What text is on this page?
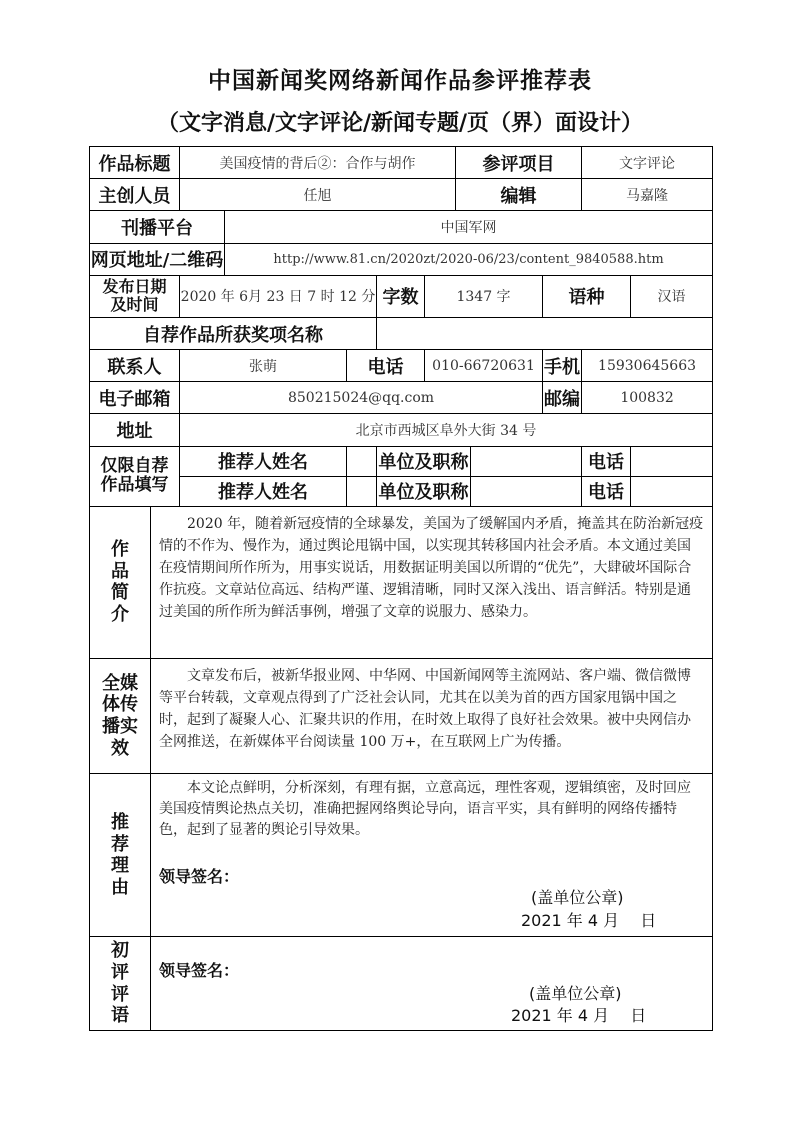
中国新闻奖网络新闻作品参评推荐表
（文字消息/文字评论/新闻专题/页（界）面设计）
作品标题		美国疫情的背后②：合作与胡作					参评项目			文字评论	
主创人员		任旭					编辑			马嘉隆	
刊播平台			中国军网								
网页地址/二维码			http://www.81.cn/2020zt/2020-06/23/content_9840588.htm								
发布日期及时间		2020 年 6月 23 日 7 时 12 分			字数	1347 字			语种		汉语
自荐作品所获奖项名称											
联系人		张萌		电话		010-66720631			手机	15930645663	
电子邮箱		850215024@qq.com							邮编	100832	
地址		北京市西城区阜外大街 34 号									
仅限自荐作品填写		推荐人姓名			单位及职称					电话	
		推荐人姓名			单位及职称					电话	
作品简介	2020 年，随着新冠疫情的全球暴发，美国为了缓解国内矛盾，掩盖其在防治新冠疫情的不作为、慢作为，通过舆论甩锅中国，以实现其转移国内社会矛盾。本文通过美国在疫情期间所作所为，用事实说话，用数据证明美国以所谓的“优先”，大肆破坏国际合作抗疫。文章站位高远、结构严谨、逻辑清晰，同时又深入浅出、语言鲜活。特别是通过美国的所作所为鲜活事例，增强了文章的说服力、感染力。										
全媒体传播实效	文章发布后，被新华报业网、中华网、中国新闻网等主流网站、客户端、微信微博等平台转载，文章观点得到了广泛社会认同，尤其在以美为首的西方国家甩锅中国之时，起到了凝聚人心、汇聚共识的作用，在时效上取得了良好社会效果。被中央网信办全网推送，在新媒体平台阅读量 100 万+，在互联网上广为传播。										
推荐理由	本文论点鲜明，分析深刻，有理有据，立意高远，理性客观，逻辑缜密，及时回应美国疫情舆论热点关切，准确把握网络舆论导向，语言平实，具有鲜明的网络传播特色，起到了显著的舆论引导效果。
领导签名：
(盖单位公章)
2021 年 4 月　 日										

初评评语	领导签名：
(盖单位公章)
2021 年 4 月　 日										
